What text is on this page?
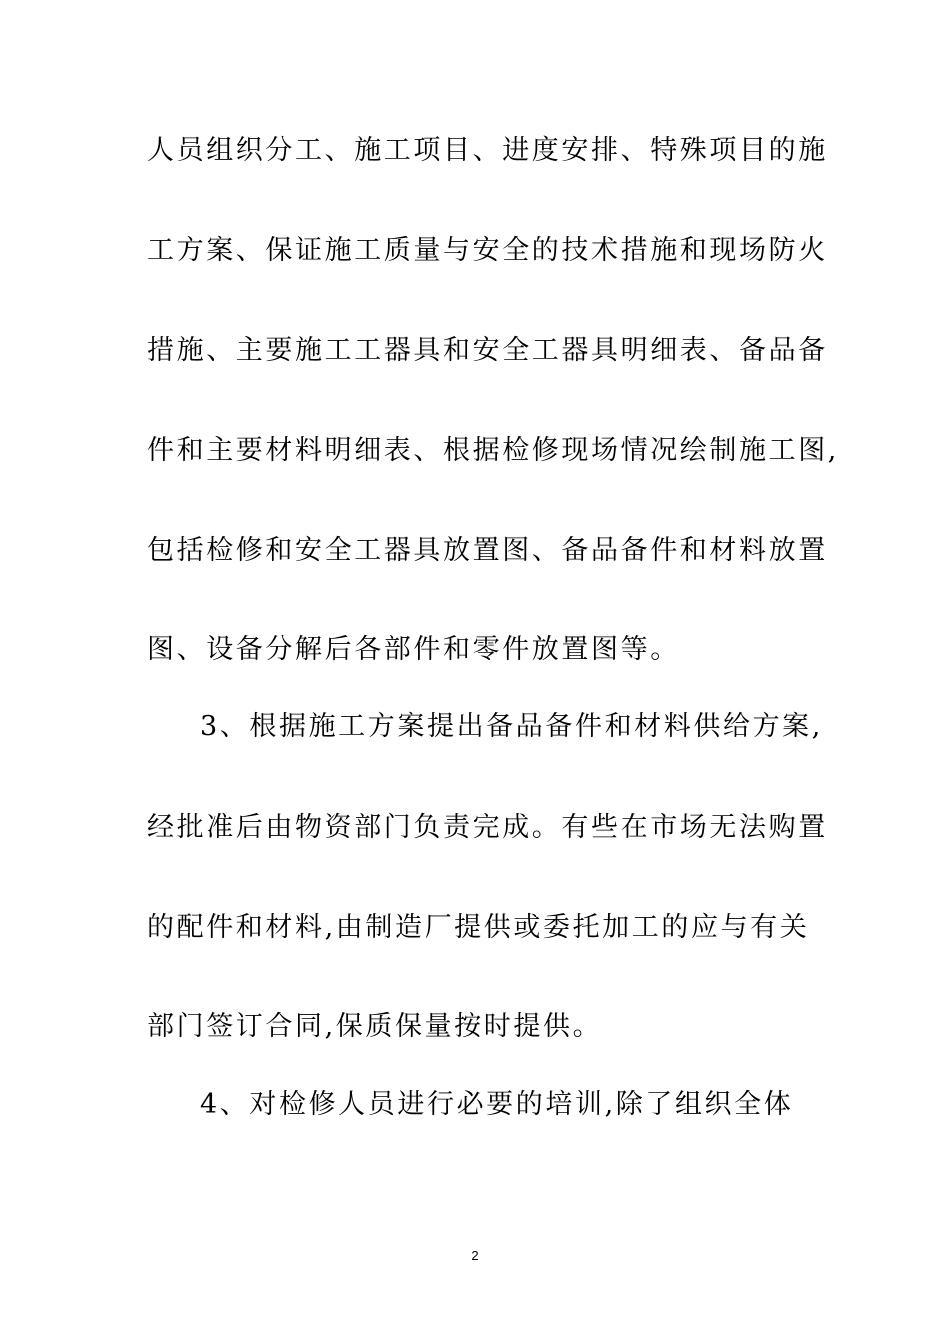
人员组织分工、施工项目、进度安排、特殊项目的施
工方案、保证施工质量与安全的技术措施和现场防火
措施、主要施工工器具和安全工器具明细表、备品备
件和主要材料明细表、根据检修现场情况绘制施工图,
包括检修和安全工器具放置图、备品备件和材料放置
图、设备分解后各部件和零件放置图等。
3、根据施工方案提出备品备件和材料供给方案,
经批准后由物资部门负责完成。有些在市场无法购置
的配件和材料,由制造厂提供或委托加工的应与有关
部门签订合同,保质保量按时提供。
4、对检修人员进行必要的培训,除了组织全体
2
